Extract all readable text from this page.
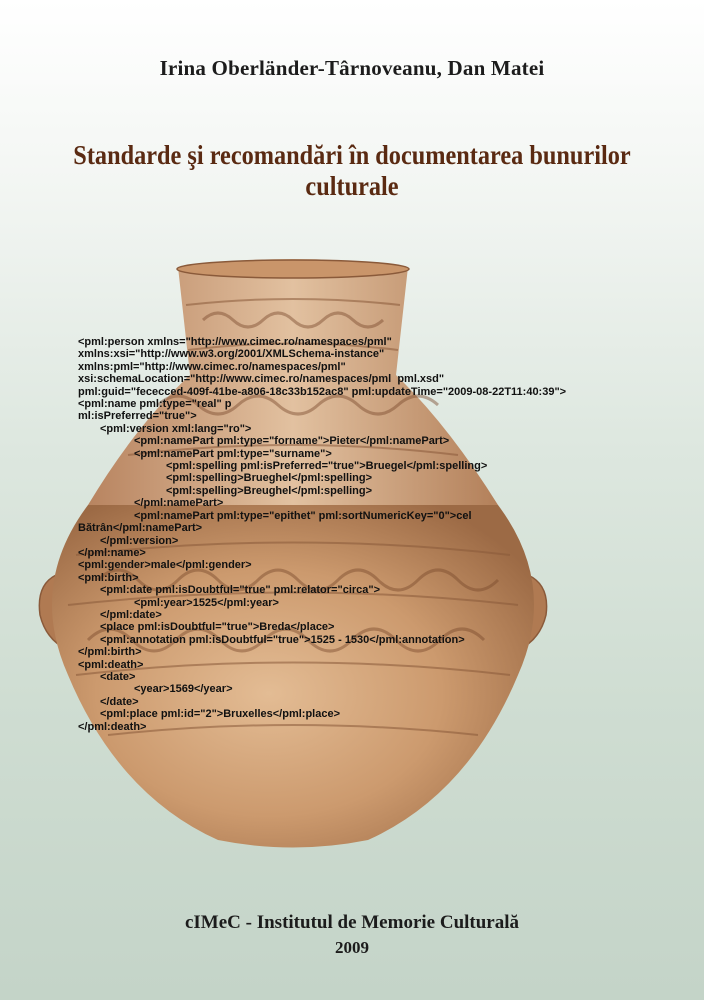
Irina Oberländer-Târnoveanu, Dan Matei
Standarde şi recomandări în documentarea bunurilor culturale
<pml:person xmlns="http://www.cimec.ro/namespaces/pml"
xmlns:xsi="http://www.w3.org/2001/XMLSchema-instance"
xmlns:pml="http://www.cimec.ro/namespaces/pml"
xsi:schemaLocation="http://www.cimec.ro/namespaces/pml  pml.xsd"
pml:guid="fececced-409f-41be-a806-18c33b152ac8" pml:updateTime="2009-08-22T11:40:39">
<pml:name pml:type="real" p
ml:isPreferred="true">
<pml:version xml:lang="ro">
<pml:namePart pml:type="forname">Pieter</pml:namePart>
<pml:namePart pml:type="surname">
<pml:spelling pml:isPreferred="true">Bruegel</pml:spelling>
<pml:spelling>Brueghel</pml:spelling>
<pml:spelling>Breughel</pml:spelling>
</pml:namePart>
<pml:namePart pml:type="epithet" pml:sortNumericKey="0">cel
Bătrân</pml:namePart>
</pml:version>
</pml:name>
<pml:gender>male</pml:gender>
<pml:birth>
<pml:date pml:isDoubtful="true" pml:relator="circa">
<pml:year>1525</pml:year>
</pml:date>
<place pml:isDoubtful="true">Breda</place>
<pml:annotation pml:isDoubtful="true">1525 - 1530</pml:annotation>
</pml:birth>
<pml:death>
<date>
<year>1569</year>
</date>
<pml:place pml:id="2">Bruxelles</pml:place>
</pml:death>
cIMeC - Institutul de Memorie Culturală
2009
